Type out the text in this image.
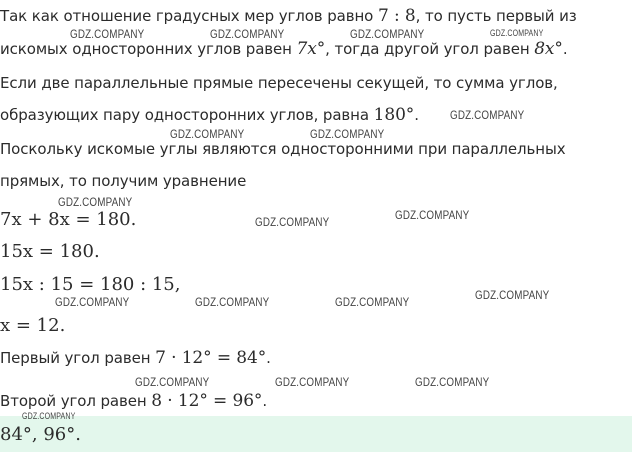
Так как отношение градусных мер углов равно 7 : 8, то пусть первый из
искомых односторонних углов равен 7x°, тогда другой угол равен 8x°.
Если две параллельные прямые пересечены секущей, то сумма углов,
образующих пару односторонних углов, равна 180°.
Поскольку искомые углы являются односторонними при параллельных
прямых, то получим уравнение
7x + 8x = 180.
15x = 180.
15x : 15 = 180 : 15,
x = 12.
Первый угол равен 7 · 12° = 84°.
Второй угол равен 8 · 12° = 96°.
84°, 96°.
GDZ.COMPANY	GDZ.COMPANY	GDZ.COMPANY	GDZ.COMPANY
GDZ.COMPANY
GDZ.COMPANY	GDZ.COMPANY
GDZ.COMPANY
GDZ.COMPANY
GDZ.COMPANY
GDZ.COMPANY
GDZ.COMPANY	GDZ.COMPANY	GDZ.COMPANY
GDZ.COMPANY	GDZ.COMPANY	GDZ.COMPANY
GDZ.COMPANY
